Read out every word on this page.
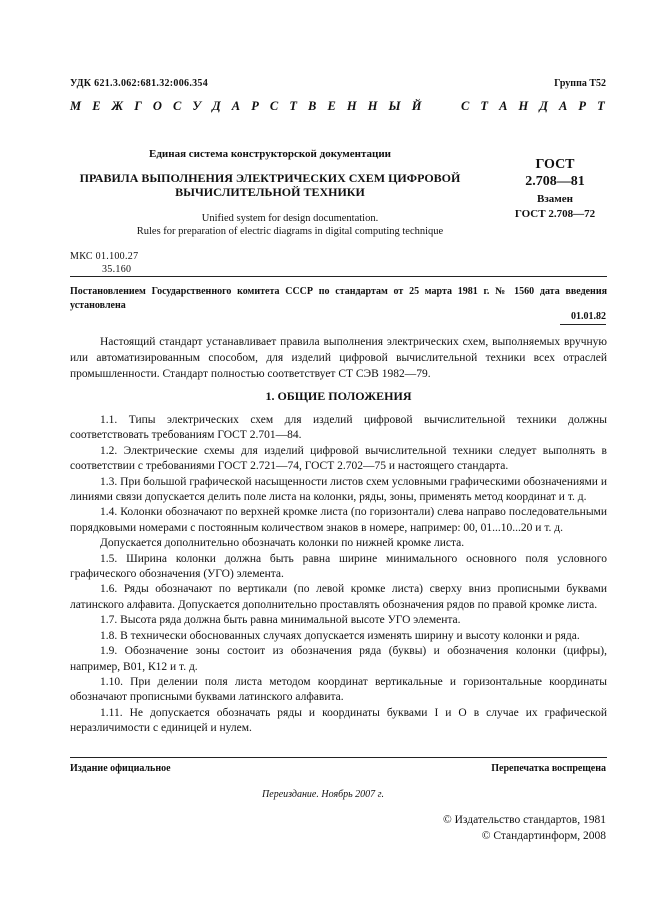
УДК 621.3.062:681.32:006.354	Группа Т52
М Е Ж Г О С У Д А Р С Т В Е Н Н Ы Й

	С Т А Н Д А Р Т
Единая система конструкторской документации
ПРАВИЛА ВЫПОЛНЕНИЯ ЭЛЕКТРИЧЕСКИХ СХЕМ ЦИФРОВОЙ
ВЫЧИСЛИТЕЛЬНОЙ ТЕХНИКИ
Unified system for design documentation.
Rules for preparation of electric diagrams in digital computing technique
ГОСТ
2.708—81
Взамен
ГОСТ 2.708—72
МКС 01.100.27
35.160
Постановлением Государственного комитета СССР по стандартам от 25 марта 1981 г. № 1560 дата введения установлена
01.01.82

Настоящий стандарт устанавливает правила выполнения электрических схем, выполняемых вручную или автоматизированным способом, для изделий цифровой вычислительной техники всех отраслей промышленности. Стандарт полностью соответствует СТ СЭВ 1982—79.

1. ОБЩИЕ ПОЛОЖЕНИЯ

1.1. Типы электрических схем для изделий цифровой вычислительной техники должны соответствовать требованиям ГОСТ 2.701—84.

1.2. Электрические схемы для изделий цифровой вычислительной техники следует выполнять в соответствии с требованиями ГОСТ 2.721—74, ГОСТ 2.702—75 и настоящего стандарта.

1.3. При большой графической насыщенности листов схем условными графическими обозначениями и линиями связи допускается делить поле листа на колонки, ряды, зоны, применять метод координат и т. д.

1.4. Колонки обозначают по верхней кромке листа (по горизонтали) слева направо последовательными порядковыми номерами с постоянным количеством знаков в номере, например: 00, 01...10...20 и т. д.

Допускается дополнительно обозначать колонки по нижней кромке листа.

1.5. Ширина колонки должна быть равна ширине минимального основного поля условного графического обозначения (УГО) элемента.

1.6. Ряды обозначают по вертикали (по левой кромке листа) сверху вниз прописными буквами латинского алфавита. Допускается дополнительно проставлять обозначения рядов по правой кромке листа.

1.7. Высота ряда должна быть равна минимальной высоте УГО элемента.

1.8. В технически обоснованных случаях допускается изменять ширину и высоту колонки и ряда.

1.9. Обозначение зоны состоит из обозначения ряда (буквы) и обозначения колонки (цифры), например, В01, К12 и т. д.

1.10. При делении поля листа методом координат вертикальные и горизонтальные координаты обозначают прописными буквами латинского алфавита.

1.11. Не допускается обозначать ряды и координаты буквами I и О в случае их графической неразличимости с единицей и нулем.

Издание официальное	Перепечатка воспрещена
Переиздание. Ноябрь 2007 г.
© Издательство стандартов, 1981
© Стандартинформ, 2008
